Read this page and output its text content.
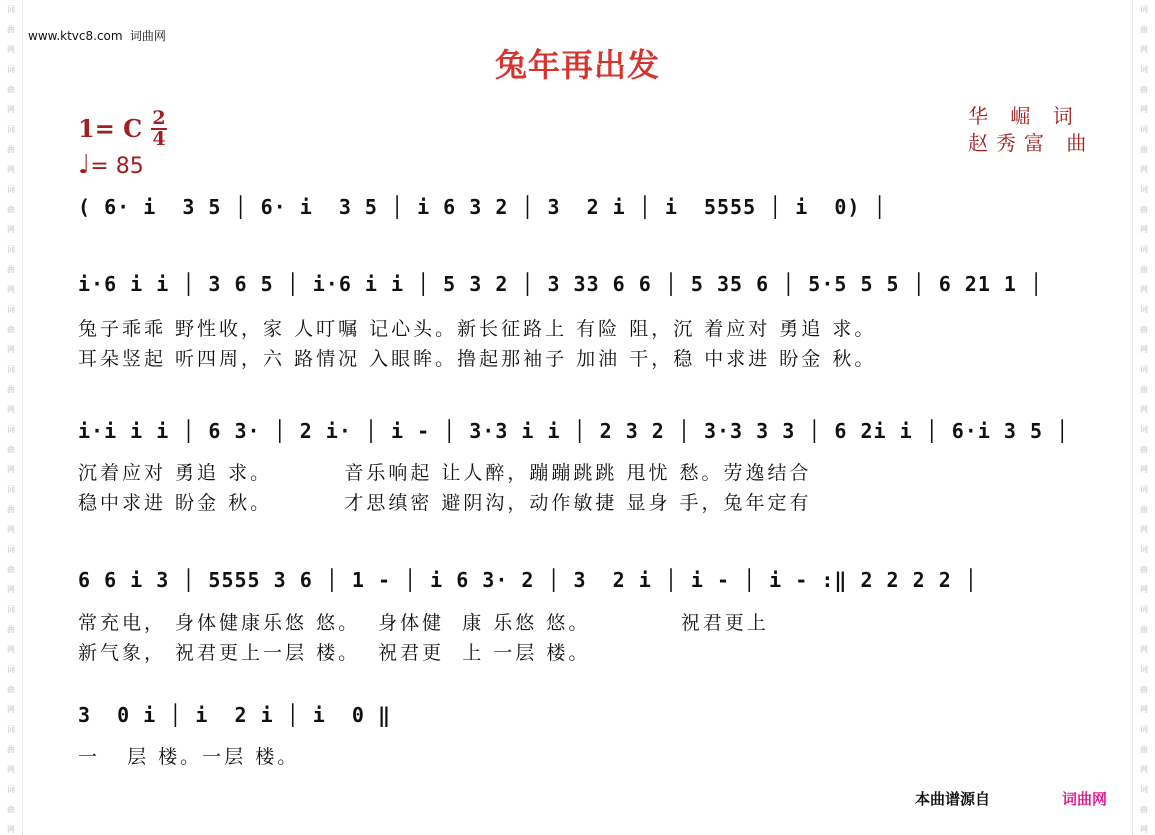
词
曲
网
词
曲
网
词
曲
网
词
曲
网
词
曲
网
词
曲
网
词
曲
网
词
曲
网
词
曲
网
词
曲
网
词
曲
网
词
曲
网
词
曲
网
词
曲
网
词
曲
网
词
曲
网
词
曲
网
词
曲
网
词
曲
网
词
曲
网
词
曲
网
词
曲
网
词
曲
网
词
曲
网
词
曲
网
词
曲
网
词
曲
网
词
曲
网
www.ktvc8.com 词曲网
兔年再出发
1= C 2
4
♩= 85
华 崛 词
赵秀富 曲
( 6· i  3 5 │ 6· i  3 5 │ i 6 3 2 │ 3  2 i │ i  5555 │ i  0) │
i·6 i i │ 3 6 5 │ i·6 i i │ 5 3 2 │ 3 33 6 6 │ 5 35 6 │ 5·5 5 5 │ 6 21 1 │
兔子乖乖 野性收，家 人叮嘱 记心头。新长征路上 有险 阻，沉 着应对 勇追 求。
耳朵竖起 听四周，六 路情况 入眼眸。撸起那袖子 加油 干，稳 中求进 盼金 秋。
i·i i i │ 6 3· │ 2 i· │ i - │ 3·3 i i │ 2 3 2 │ 3·3 3 3 │ 6 2i i │ 6·i 3 5 │
沉着应对 勇追 求。        音乐响起 让人醉，蹦蹦跳跳 甩忧 愁。劳逸结合
稳中求进 盼金 秋。        才思缜密 避阴沟，动作敏捷 显身 手，兔年定有
6 6 i 3 │ 5555 3 6 │ 1 - │ i 6 3· 2 │ 3  2 i │ i - │ i - :‖ 2 2 2 2 │
常充电， 身体健康乐悠 悠。  身体健  康 乐悠 悠。          祝君更上
新气象， 祝君更上一层 楼。  祝君更  上 一层 楼。
3  0 i │ i  2 i │ i  0 ‖
一   层 楼。一层 楼。
本曲谱源自	词曲网
